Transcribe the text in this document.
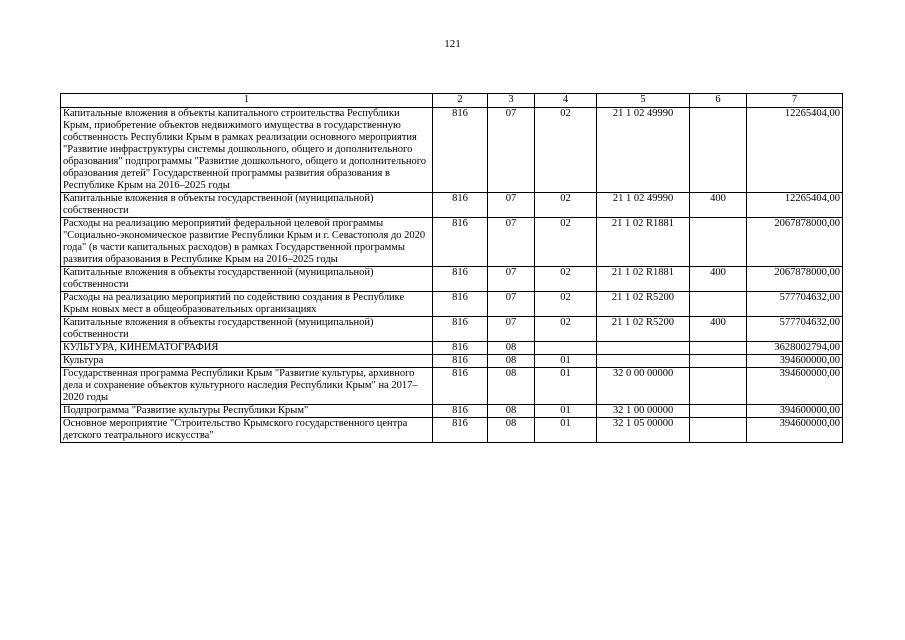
121
1	2	3	4	5	6	7
Капитальные вложения в объекты капитального строительства Республики Крым, приобретение объектов недвижимого имущества в государственную собственность Республики Крым в рамках реализации основного мероприятия "Развитие инфраструктуры системы дошкольного, общего и дополнительного образования" подпрограммы "Развитие дошкольного, общего и дополнительного образования детей" Государственной программы развития образования в Республике Крым на 2016–2025 годы	816	07	02	21 1 02 49990		12265404,00
Капитальные вложения в объекты государственной (муниципальной) собственности	816	07	02	21 1 02 49990	400	12265404,00
Расходы на реализацию мероприятий федеральной целевой программы "Социально-экономическое развитие Республики Крым и г. Севастополя до 2020 года" (в части капитальных расходов) в рамках Государственной программы развития образования в Республике Крым на 2016–2025 годы	816	07	02	21 1 02 R1881		2067878000,00
Капитальные вложения в объекты государственной (муниципальной) собственности	816	07	02	21 1 02 R1881	400	2067878000,00
Расходы на реализацию мероприятий по содействию создания в Республике Крым новых мест в общеобразовательных организациях	816	07	02	21 1 02 R5200		577704632,00
Капитальные вложения в объекты государственной (муниципальной) собственности	816	07	02	21 1 02 R5200	400	577704632,00
КУЛЬТУРА, КИНЕМАТОГРАФИЯ	816	08				3628002794,00
Культура	816	08	01			394600000,00
Государственная программа Республики Крым "Развитие культуры, архивного дела и сохранение объектов культурного наследия Республики Крым" на 2017–2020 годы	816	08	01	32 0 00 00000		394600000,00
Подпрограмма "Развитие культуры Республики Крым"	816	08	01	32 1 00 00000		394600000,00
Основное мероприятие "Строительство Крымского государственного центра детского театрального искусства"	816	08	01	32 1 05 00000		394600000,00
